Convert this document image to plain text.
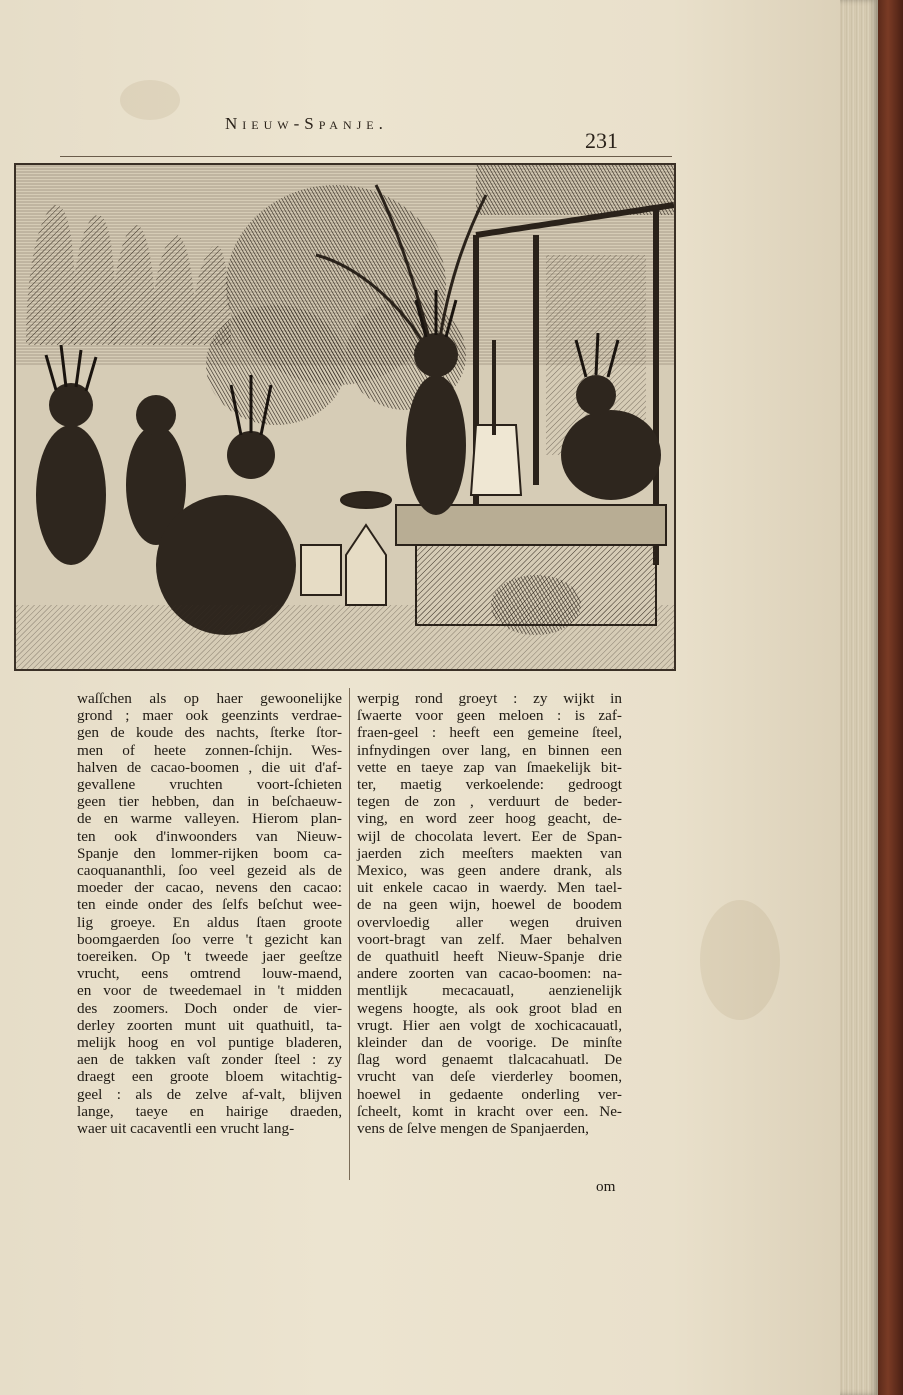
Nieuw-Spanje.
231
waſſchen als op haer gewoonelijke
grond ; maer ook geenzints verdrae-
gen de koude des nachts, ſterke ſtor-
men of heete zonnen-ſchijn. Wes-
halven de cacao-boomen , die uit d'af-
gevallene vruchten voort-ſchieten
geen tier hebben, dan in beſchaeuw-
de en warme valleyen. Hierom plan-
ten ook d'inwoonders van Nieuw-
Spanje den lommer-rijken boom ca-
caoquananthli, ſoo veel gezeid als de
moeder der cacao, nevens den cacao:
ten einde onder des ſelfs beſchut wee-
lig groeye. En aldus ſtaen groote
boomgaerden ſoo verre 't gezicht kan
toereiken. Op 't tweede jaer geeſtze
vrucht, eens omtrend louw-maend,
en voor de tweedemael in 't midden
des zoomers. Doch onder de vier-
derley zoorten munt uit quathuitl, ta-
melijk hoog en vol puntige bladeren,
aen de takken vaſt zonder ſteel : zy
draegt een groote bloem witachtig-
geel : als de zelve af-valt, blijven
lange, taeye en hairige draeden,
waer uit cacaventli een vrucht lang-
werpig rond groeyt : zy wijkt in
ſwaerte voor geen meloen : is zaf-
fraen-geel : heeft een gemeine ſteel,
infnydingen over lang, en binnen een
vette en taeye zap van ſmaekelijk bit-
ter, maetig verkoelende: gedroogt
tegen de zon , verduurt de beder-
ving, en word zeer hoog geacht, de-
wijl de chocolata levert. Eer de Span-
jaerden zich meeſters maekten van
Mexico, was geen andere drank, als
uit enkele cacao in waerdy. Men tael-
de na geen wijn, hoewel de boodem
overvloedig aller wegen druiven
voort-bragt van zelf. Maer behalven
de quathuitl heeft Nieuw-Spanje drie
andere zoorten van cacao-boomen: na-
mentlijk mecacauatl, aenzienelijk
wegens hoogte, als ook groot blad en
vrugt. Hier aen volgt de xochicacauatl,
kleinder dan de voorige. De minſte
ſlag word genaemt tlalcacahuatl. De
vrucht van deſe vierderley boomen,
hoewel in gedaente onderling ver-
ſcheelt, komt in kracht over een. Ne-
vens de ſelve mengen de Spanjaerden,
om
